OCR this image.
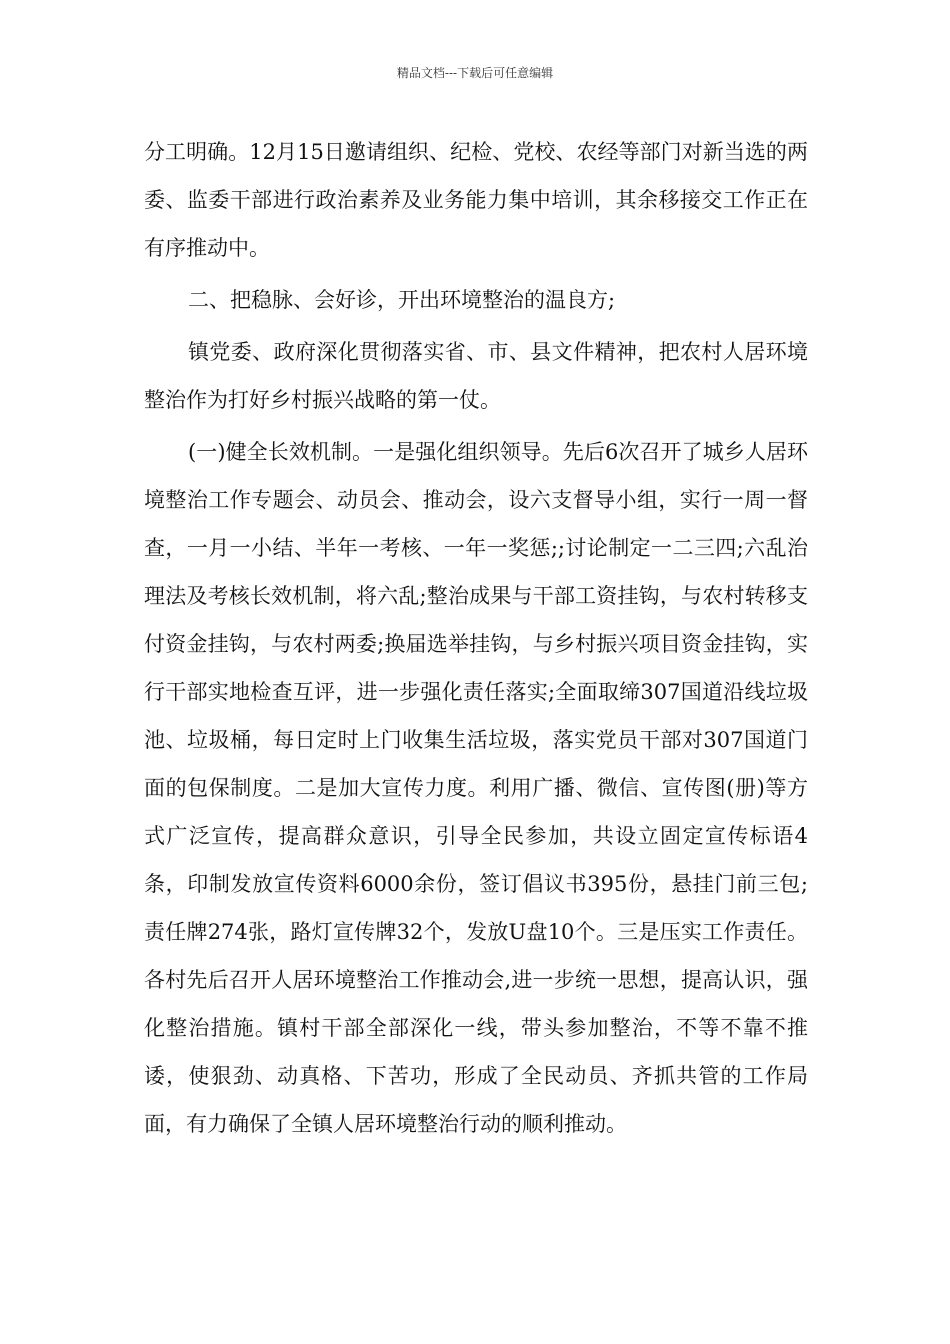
精品文档---下载后可任意编辑

分工明确。12月15日邀请组织、纪检、党校、农经等部门对新当选的两委、监委干部进行政治素养及业务能力集中培训，其余移接交工作正在有序推动中。

二、把稳脉、会好诊，开出环境整治的温良方;

镇党委、政府深化贯彻落实省、市、县文件精神，把农村人居环境整治作为打好乡村振兴战略的第一仗。

(一)健全长效机制。一是强化组织领导。先后6次召开了城乡人居环境整治工作专题会、动员会、推动会，设六支督导小组，实行一周一督查，一月一小结、半年一考核、一年一奖惩;;讨论制定一二三四;六乱治理法及考核长效机制，将六乱;整治成果与干部工资挂钩，与农村转移支付资金挂钩，与农村两委;换届选举挂钩，与乡村振兴项目资金挂钩，实行干部实地检查互评，进一步强化责任落实;全面取缔307国道沿线垃圾池、垃圾桶，每日定时上门收集生活垃圾，落实党员干部对307国道门面的包保制度。二是加大宣传力度。利用广播、微信、宣传图(册)等方式广泛宣传，提高群众意识，引导全民参加，共设立固定宣传标语4条，印制发放宣传资料6000余份，签订倡议书395份，悬挂门前三包;责任牌274张，路灯宣传牌32个，发放U盘10个。三是压实工作责任。各村先后召开人居环境整治工作推动会,进一步统一思想，提高认识，强化整治措施。镇村干部全部深化一线，带头参加整治，不等不靠不推诿，使狠劲、动真格、下苦功，形成了全民动员、齐抓共管的工作局面，有力确保了全镇人居环境整治行动的顺利推动。
